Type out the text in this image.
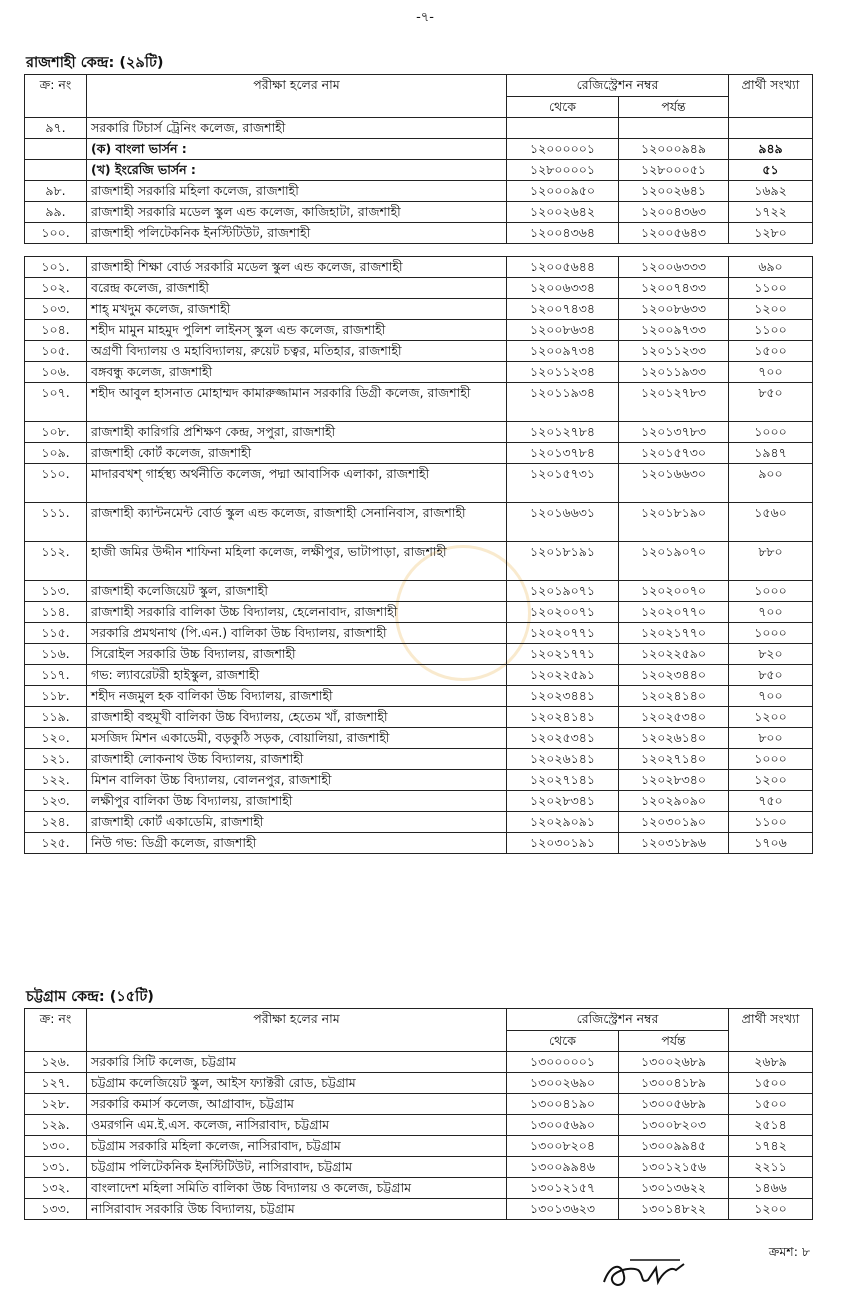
-৭-
রাজশাহী কেন্দ্র: (২৯টি)
ক্র: নং	পরীক্ষা হলের নাম	রেজিস্ট্রেশন নম্বর		প্রার্থী সংখ্যা
		থেকে	পর্যন্ত	
৯৭.	সরকারি টিচার্স ট্রেনিং কলেজ, রাজশাহী			
	(ক) বাংলা ভার্সন :	১২০০০০০১	১২০০০৯৪৯	৯৪৯
	(খ) ইংরেজি ভার্সন :	১২৮০০০০১	১২৮০০০৫১	৫১
৯৮.	রাজশাহী সরকারি মহিলা কলেজ, রাজশাহী	১২০০০৯৫০	১২০০২৬৪১	১৬৯২
৯৯.	রাজশাহী সরকারি মডেল স্কুল এন্ড কলেজ, কাজিহাটা, রাজশাহী	১২০০২৬৪২	১২০০৪৩৬৩	১৭২২
১০০.	রাজশাহী পলিটেকনিক ইনস্টিটিউট, রাজশাহী	১২০০৪৩৬৪	১২০০৫৬৪৩	১২৮০

১০১.	রাজশাহী শিক্ষা বোর্ড সরকারি মডেল স্কুল এন্ড কলেজ, রাজশাহী	১২০০৫৬৪৪	১২০০৬৩৩৩	৬৯০
১০২.	বরেন্দ্র কলেজ, রাজশাহী	১২০০৬৩৩৪	১২০০৭৪৩৩	১১০০
১০৩.	শাহ্ মখদুম কলেজ, রাজশাহী	১২০০৭৪৩৪	১২০০৮৬৩৩	১২০০
১০৪.	শহীদ মামুন মাহমুদ পুলিশ লাইনস্ স্কুল এন্ড কলেজ, রাজশাহী	১২০০৮৬৩৪	১২০০৯৭৩৩	১১০০
১০৫.	অগ্রণী বিদ্যালয় ও মহাবিদ্যালয়, রুয়েট চত্বর, মতিহার, রাজশাহী	১২০০৯৭৩৪	১২০১১২৩৩	১৫০০
১০৬.	বঙ্গবন্ধু কলেজ, রাজশাহী	১২০১১২৩৪	১২০১১৯৩৩	৭০০
১০৭.	শহীদ আবুল হাসনাত মোহাম্মদ কামারুজ্জামান সরকারি ডিগ্রী কলেজ, রাজশাহী	১২০১১৯৩৪	১২০১২৭৮৩	৮৫০
১০৮.	রাজশাহী কারিগরি প্রশিক্ষণ কেন্দ্র, সপুরা, রাজশাহী	১২০১২৭৮৪	১২০১৩৭৮৩	১০০০
১০৯.	রাজশাহী কোর্ট কলেজ, রাজশাহী	১২০১৩৭৮৪	১২০১৫৭৩০	১৯৪৭
১১০.	মাদারবখশ্ গার্হস্থ্য অর্থনীতি কলেজ, পদ্মা আবাসিক এলাকা, রাজশাহী	১২০১৫৭৩১	১২০১৬৬৩০	৯০০
১১১.	রাজশাহী ক্যান্টনমেন্ট বোর্ড স্কুল এন্ড কলেজ, রাজশাহী সেনানিবাস, রাজশাহী	১২০১৬৬৩১	১২০১৮১৯০	১৫৬০
১১২.	হাজী জমির উদ্দীন শাফিনা মহিলা কলেজ, লক্ষীপুর, ভাটাপাড়া, রাজশাহী	১২০১৮১৯১	১২০১৯০৭০	৮৮০
১১৩.	রাজশাহী কলেজিয়েট স্কুল, রাজশাহী	১২০১৯০৭১	১২০২০০৭০	১০০০
১১৪.	রাজশাহী সরকারি বালিকা উচ্চ বিদ্যালয়, হেলেনাবাদ, রাজশাহী	১২০২০০৭১	১২০২০৭৭০	৭০০
১১৫.	সরকারি প্রমথনাথ (পি.এন.) বালিকা উচ্চ বিদ্যালয়, রাজশাহী	১২০২০৭৭১	১২০২১৭৭০	১০০০
১১৬.	সিরোইল সরকারি উচ্চ বিদ্যালয়, রাজশাহী	১২০২১৭৭১	১২০২২৫৯০	৮২০
১১৭.	গভ: ল্যাবরেটরী হাইস্কুল, রাজশাহী	১২০২২৫৯১	১২০২৩৪৪০	৮৫০
১১৮.	শহীদ নজমুল হক বালিকা উচ্চ বিদ্যালয়, রাজশাহী	১২০২৩৪৪১	১২০২৪১৪০	৭০০
১১৯.	রাজশাহী বহুমূখী বালিকা উচ্চ বিদ্যালয়, হেতেম খাঁ, রাজশাহী	১২০২৪১৪১	১২০২৫৩৪০	১২০০
১২০.	মসজিদ মিশন একাডেমী, বড়কুঠি সড়ক, বোয়ালিয়া, রাজশাহী	১২০২৫৩৪১	১২০২৬১৪০	৮০০
১২১.	রাজশাহী লোকনাথ উচ্চ বিদ্যালয়, রাজশাহী	১২০২৬১৪১	১২০২৭১৪০	১০০০
১২২.	মিশন বালিকা উচ্চ বিদ্যালয়, বোলনপুর, রাজশাহী	১২০২৭১৪১	১২০২৮৩৪০	১২০০
১২৩.	লক্ষীপুর বালিকা উচ্চ বিদ্যালয়, রাজাশাহী	১২০২৮৩৪১	১২০২৯০৯০	৭৫০
১২৪.	রাজশাহী কোর্ট একাডেমি, রাজশাহী	১২০২৯০৯১	১২০৩০১৯০	১১০০
১২৫.	নিউ গভ: ডিগ্রী কলেজ, রাজশাহী	১২০৩০১৯১	১২০৩১৮৯৬	১৭০৬
চট্টগ্রাম কেন্দ্র: (১৫টি)
ক্র: নং	পরীক্ষা হলের নাম	রেজিস্ট্রেশন নম্বর		প্রার্থী সংখ্যা
		থেকে	পর্যন্ত	
১২৬.	সরকারি সিটি কলেজ, চট্টগ্রাম	১৩০০০০০১	১৩০০২৬৮৯	২৬৮৯
১২৭.	চট্টগ্রাম কলেজিয়েট স্কুল, আইস ফ্যাক্টরী রোড, চট্টগ্রাম	১৩০০২৬৯০	১৩০০৪১৮৯	১৫০০
১২৮.	সরকারি কমার্স কলেজ, আগ্রাবাদ, চট্টগ্রাম	১৩০০৪১৯০	১৩০০৫৬৮৯	১৫০০
১২৯.	ওমরগনি এম.ই.এস. কলেজ, নাসিরাবাদ, চট্টগ্রাম	১৩০০৫৬৯০	১৩০০৮২০৩	২৫১৪
১৩০.	চট্টগ্রাম সরকারি মহিলা কলেজ, নাসিরাবাদ, চট্টগ্রাম	১৩০০৮২০৪	১৩০০৯৯৪৫	১৭৪২
১৩১.	চট্টগ্রাম পলিটেকনিক ইনস্টিটিউট, নাসিরাবাদ, চট্টগ্রাম	১৩০০৯৯৪৬	১৩০১২১৫৬	২২১১
১৩২.	বাংলাদেশ মহিলা সমিতি বালিকা উচ্চ বিদ্যালয় ও কলেজ, চট্টগ্রাম	১৩০১২১৫৭	১৩০১৩৬২২	১৪৬৬
১৩৩.	নাসিরাবাদ সরকারি উচ্চ বিদ্যালয়, চট্টগ্রাম	১৩০১৩৬২৩	১৩০১৪৮২২	১২০০
ক্রমশ: ৮
